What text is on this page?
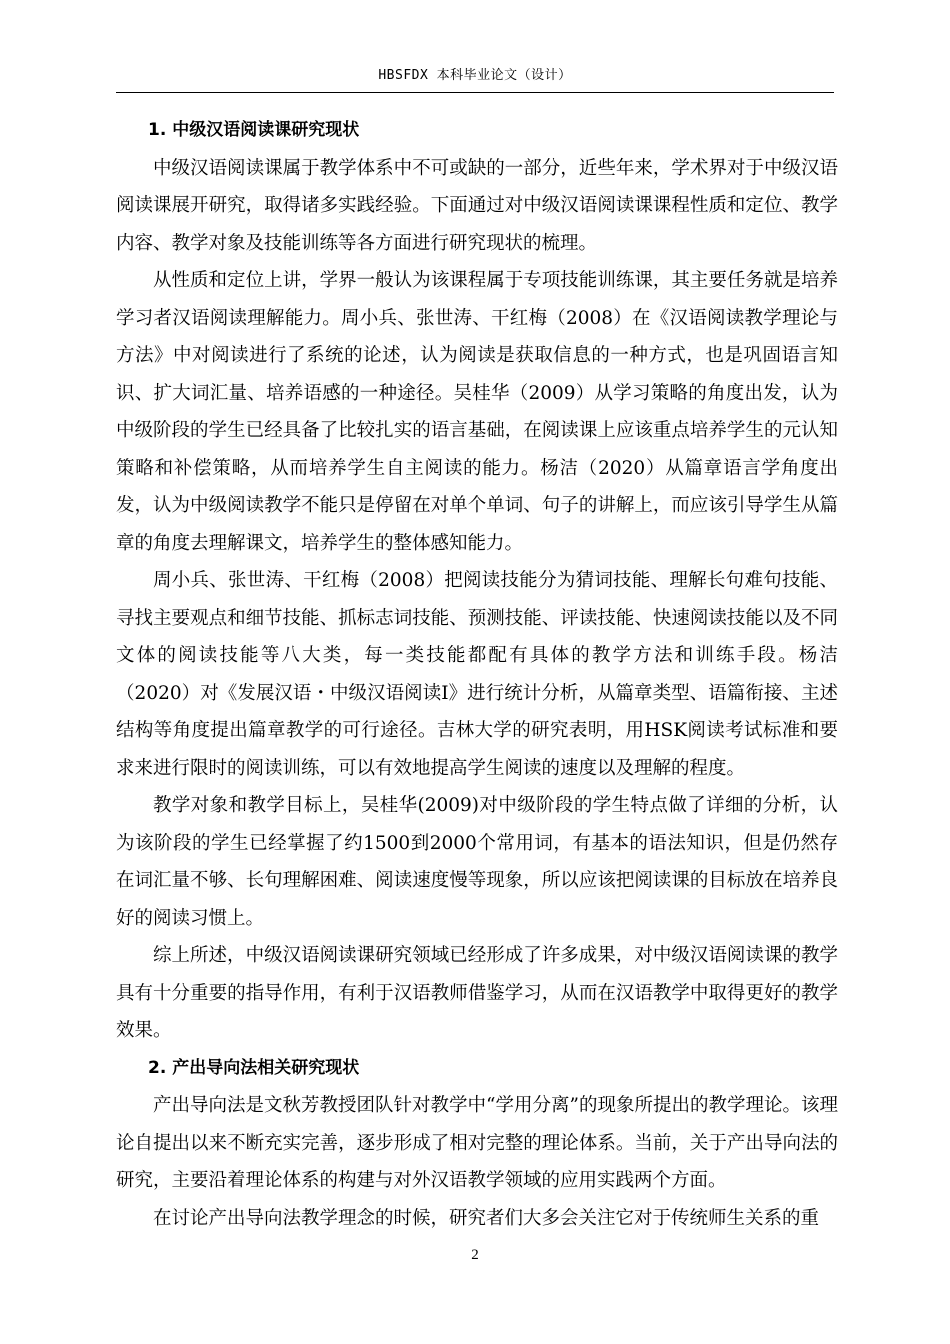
HBSFDX 本科毕业论文（设计）
1. 中级汉语阅读课研究现状

中级汉语阅读课属于教学体系中不可或缺的一部分，近些年来，学术界对于中级汉语阅读课展开研究，取得诸多实践经验。下面通过对中级汉语阅读课课程性质和定位、教学内容、教学对象及技能训练等各方面进行研究现状的梳理。

从性质和定位上讲，学界一般认为该课程属于专项技能训练课，其主要任务就是培养学习者汉语阅读理解能力。周小兵、张世涛、干红梅（2008）在《汉语阅读教学理论与方法》中对阅读进行了系统的论述，认为阅读是获取信息的一种方式，也是巩固语言知识、扩大词汇量、培养语感的一种途径。吴桂华（2009）从学习策略的角度出发，认为中级阶段的学生已经具备了比较扎实的语言基础，在阅读课上应该重点培养学生的元认知策略和补偿策略，从而培养学生自主阅读的能力。杨洁（2020）从篇章语言学角度出发，认为中级阅读教学不能只是停留在对单个单词、句子的讲解上，而应该引导学生从篇章的角度去理解课文，培养学生的整体感知能力。

周小兵、张世涛、干红梅（2008）把阅读技能分为猜词技能、理解长句难句技能、寻找主要观点和细节技能、抓标志词技能、预测技能、评读技能、快速阅读技能以及不同文体的阅读技能等八大类，每一类技能都配有具体的教学方法和训练手段。杨洁（2020）对《发展汉语・中级汉语阅读Ⅰ》进行统计分析，从篇章类型、语篇衔接、主述结构等角度提出篇章教学的可行途径。吉林大学的研究表明，用HSK阅读考试标准和要求来进行限时的阅读训练，可以有效地提高学生阅读的速度以及理解的程度。

教学对象和教学目标上，吴桂华(2009)对中级阶段的学生特点做了详细的分析，认为该阶段的学生已经掌握了约1500到2000个常用词，有基本的语法知识，但是仍然存在词汇量不够、长句理解困难、阅读速度慢等现象，所以应该把阅读课的目标放在培养良好的阅读习惯上。

综上所述，中级汉语阅读课研究领域已经形成了许多成果，对中级汉语阅读课的教学具有十分重要的指导作用，有利于汉语教师借鉴学习，从而在汉语教学中取得更好的教学效果。

2. 产出导向法相关研究现状

产出导向法是文秋芳教授团队针对教学中“学用分离”的现象所提出的教学理论。该理论自提出以来不断充实完善，逐步形成了相对完整的理论体系。当前，关于产出导向法的研究，主要沿着理论体系的构建与对外汉语教学领域的应用实践两个方面。

在讨论产出导向法教学理念的时候，研究者们大多会关注它对于传统师生关系的重

2
